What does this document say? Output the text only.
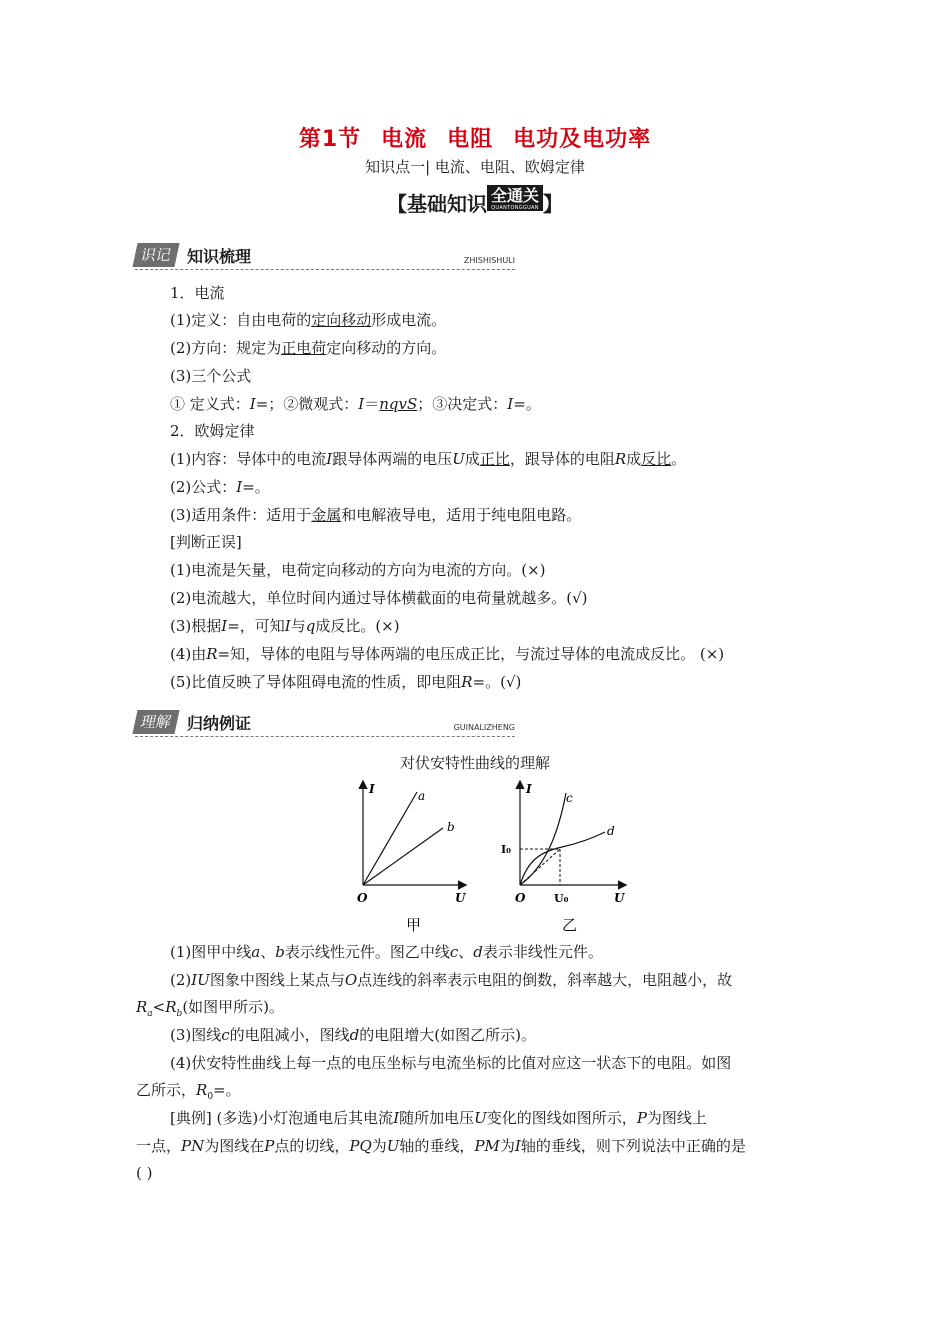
第1节 电流 电阻 电功及电功率
知识点一| 电流、电阻、欧姆定律
【基础知识 全通关
QUANTONGGUAN 】
识记 知识梳理	ZHISHISHULI
1．电流
(1)定义：自由电荷的定向移动形成电流。
(2)方向：规定为正电荷定向移动的方向。
(3)三个公式
① 定义式：I=；②微观式：I＝nqvS；③决定式：I=。
2．欧姆定律
(1)内容：导体中的电流I跟导体两端的电压U成正比，跟导体的电阻R成反比。
(2)公式：I=。
(3)适用条件：适用于金属和电解液导电，适用于纯电阻电路。
[判断正误]
(1)电流是矢量，电荷定向移动的方向为电流的方向。(×)
(2)电流越大，单位时间内通过导体横截面的电荷量就越多。(√)
(3)根据I=，可知I与q成反比。(×)
(4)由R=知，导体的电阻与导体两端的电压成正比，与流过导体的电流成反比。 (×)
(5)比值反映了导体阻碍电流的性质，即电阻R=。(√)
理解 归纳例证	GUINALIZHENG
对伏安特性曲线的理解
I	a
b
O	U
I
c
d
I₀
O	U₀	U
甲	乙
(1)图甲中线a、b表示线性元件。图乙中线c、d表示非线性元件。
(2)IU图象中图线上某点与O点连线的斜率表示电阻的倒数，斜率越大，电阻越小，故
$R_a<R_b$(如图甲所示)。
(3)图线c的电阻减小，图线d的电阻增大(如图乙所示)。
(4)伏安特性曲线上每一点的电压坐标与电流坐标的比值对应这一状态下的电阻。如图
乙所示，$R_0=$。
[典例] (多选)小灯泡通电后其电流I随所加电压U变化的图线如图所示，P为图线上
一点，PN为图线在P点的切线，PQ为U轴的垂线，PM为I轴的垂线，则下列说法中正确的是
( )
